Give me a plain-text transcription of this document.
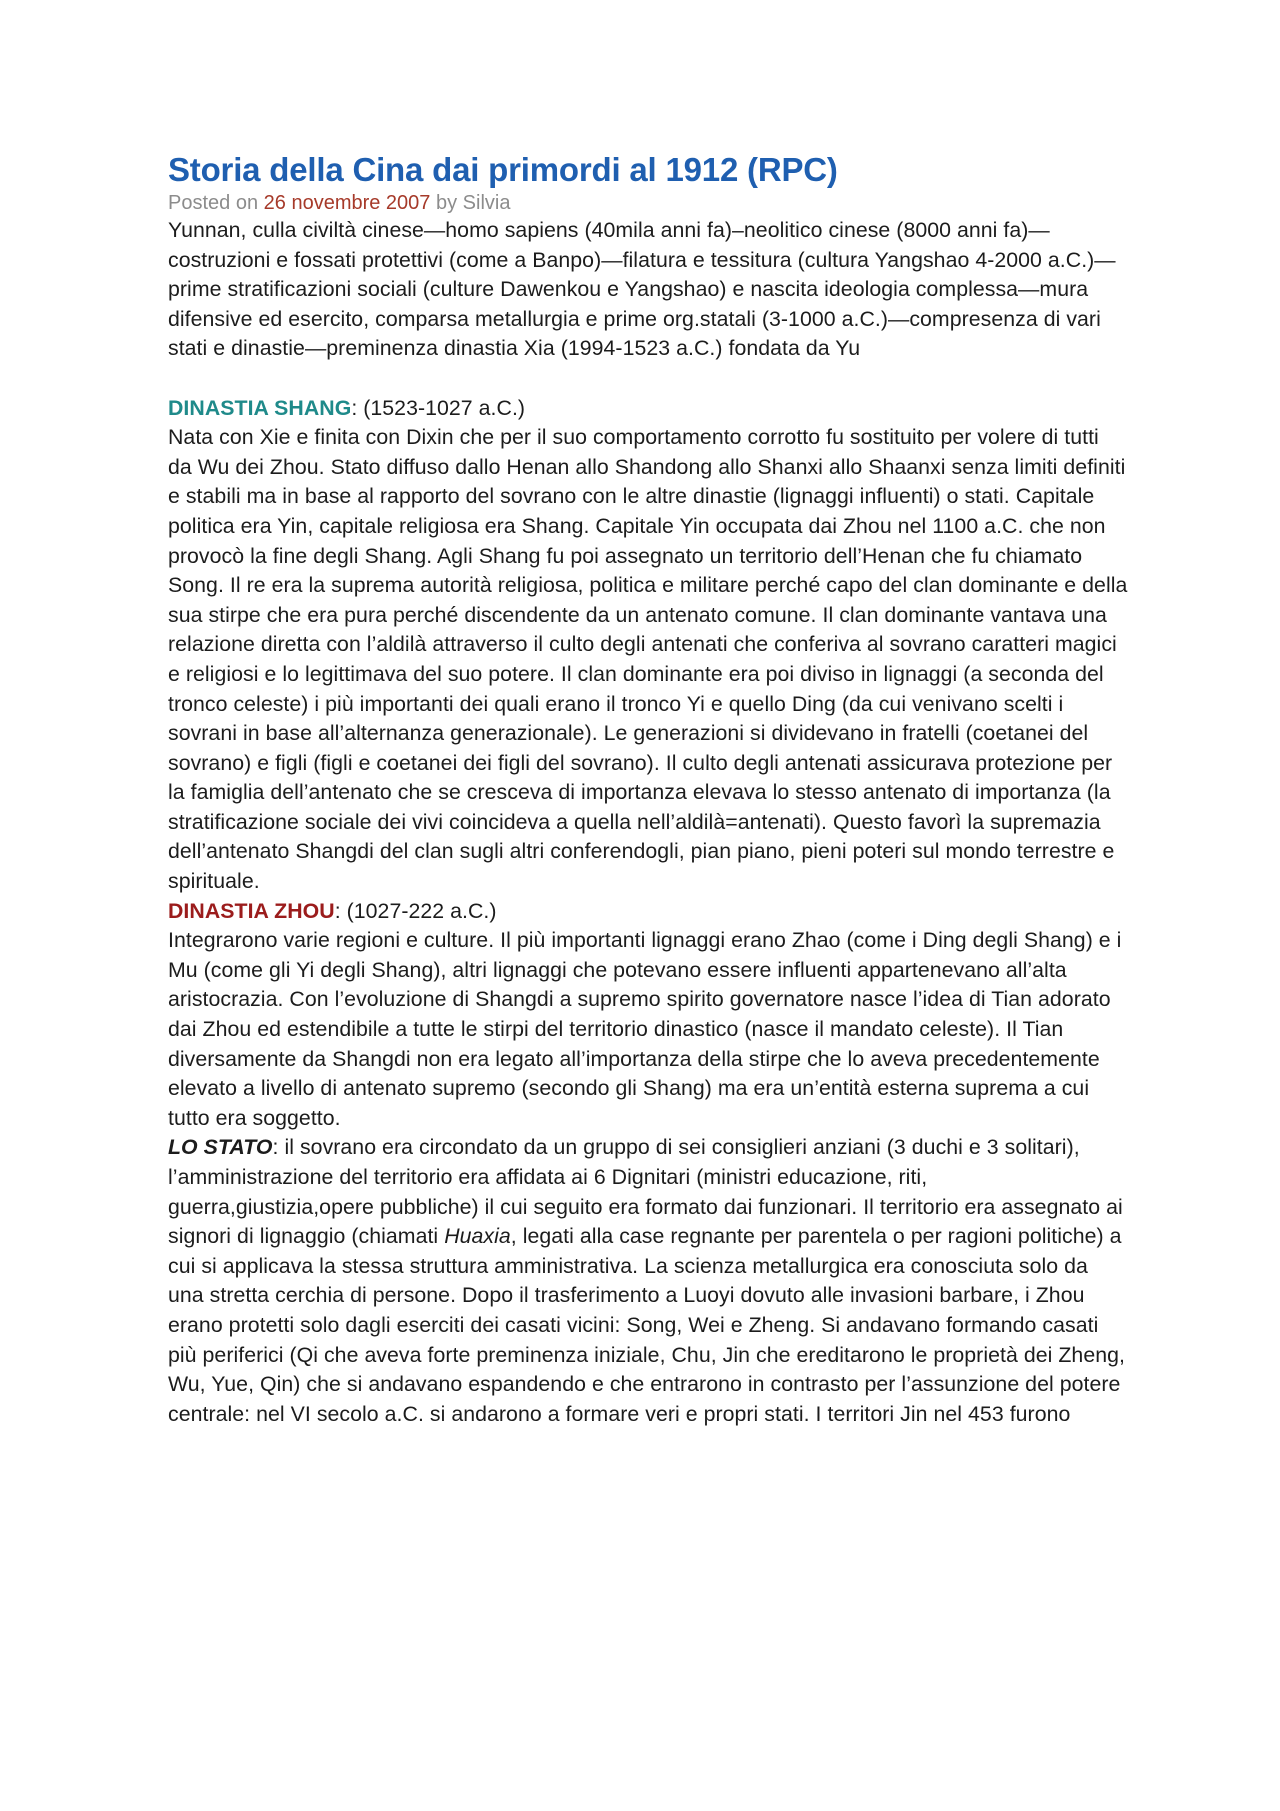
Storia della Cina dai primordi al 1912 (RPC)

Posted on 26 novembre 2007 by Silvia

Yunnan, culla civiltà cinese—homo sapiens (40mila anni fa)–neolitico cinese (8000 anni fa)—costruzioni e fossati protettivi (come a Banpo)—filatura e tessitura (cultura Yangshao 4-2000 a.C.)—prime stratificazioni sociali (culture Dawenkou e Yangshao) e nascita ideologia complessa—mura difensive ed esercito, comparsa metallurgia e prime org.statali (3-1000 a.C.)—compresenza di vari stati e dinastie—preminenza dinastia Xia (1994-1523 a.C.) fondata da Yu

DINASTIA SHANG: (1523-1027 a.C.)

Nata con Xie e finita con Dixin che per il suo comportamento corrotto fu sostituito per volere di tutti da Wu dei Zhou. Stato diffuso dallo Henan allo Shandong allo Shanxi allo Shaanxi senza limiti definiti e stabili ma in base al rapporto del sovrano con le altre dinastie (lignaggi influenti) o stati. Capitale politica era Yin, capitale religiosa era Shang. Capitale Yin occupata dai Zhou nel 1100 a.C. che non provocò la fine degli Shang. Agli Shang fu poi assegnato un territorio dell’Henan che fu chiamato Song. Il re era la suprema autorità religiosa, politica e militare perché capo del clan dominante e della sua stirpe che era pura perché discendente da un antenato comune. Il clan dominante vantava una relazione diretta con l’aldilà attraverso il culto degli antenati che conferiva al sovrano caratteri magici e religiosi e lo legittimava del suo potere. Il clan dominante era poi diviso in lignaggi (a seconda del tronco celeste) i più importanti dei quali erano il tronco Yi e quello Ding (da cui venivano scelti i sovrani in base all’alternanza generazionale). Le generazioni si dividevano in fratelli (coetanei del sovrano) e figli (figli e coetanei dei figli del sovrano). Il culto degli antenati assicurava protezione per la famiglia dell’antenato che se cresceva di importanza elevava lo stesso antenato di importanza (la stratificazione sociale dei vivi coincideva a quella nell’aldilà=antenati). Questo favorì la supremazia dell’antenato Shangdi del clan sugli altri conferendogli, pian piano, pieni poteri sul mondo terrestre e spirituale.

DINASTIA ZHOU: (1027-222 a.C.)

Integrarono varie regioni e culture. Il più importanti lignaggi erano Zhao (come i Ding degli Shang) e i Mu (come gli Yi degli Shang), altri lignaggi che potevano essere influenti appartenevano all’alta aristocrazia. Con l’evoluzione di Shangdi a supremo spirito governatore nasce l’idea di Tian adorato dai Zhou ed estendibile a tutte le stirpi del territorio dinastico (nasce il mandato celeste). Il Tian diversamente da Shangdi non era legato all’importanza della stirpe che lo aveva precedentemente elevato a livello di antenato supremo (secondo gli Shang) ma era un’entità esterna suprema a cui tutto era soggetto.

LO STATO: il sovrano era circondato da un gruppo di sei consiglieri anziani (3 duchi e 3 solitari), l’amministrazione del territorio era affidata ai 6 Dignitari (ministri educazione, riti, guerra,giustizia,opere pubbliche) il cui seguito era formato dai funzionari. Il territorio era assegnato ai signori di lignaggio (chiamati Huaxia, legati alla case regnante per parentela o per ragioni politiche) a cui si applicava la stessa struttura amministrativa. La scienza metallurgica era conosciuta solo da una stretta cerchia di persone. Dopo il trasferimento a Luoyi dovuto alle invasioni barbare, i Zhou erano protetti solo dagli eserciti dei casati vicini: Song, Wei e Zheng. Si andavano formando casati più periferici (Qi che aveva forte preminenza iniziale, Chu, Jin che ereditarono le proprietà dei Zheng, Wu, Yue, Qin) che si andavano espandendo e che entrarono in contrasto per l’assunzione del potere centrale: nel VI secolo a.C. si andarono a formare veri e propri stati. I territori Jin nel 453 furono
